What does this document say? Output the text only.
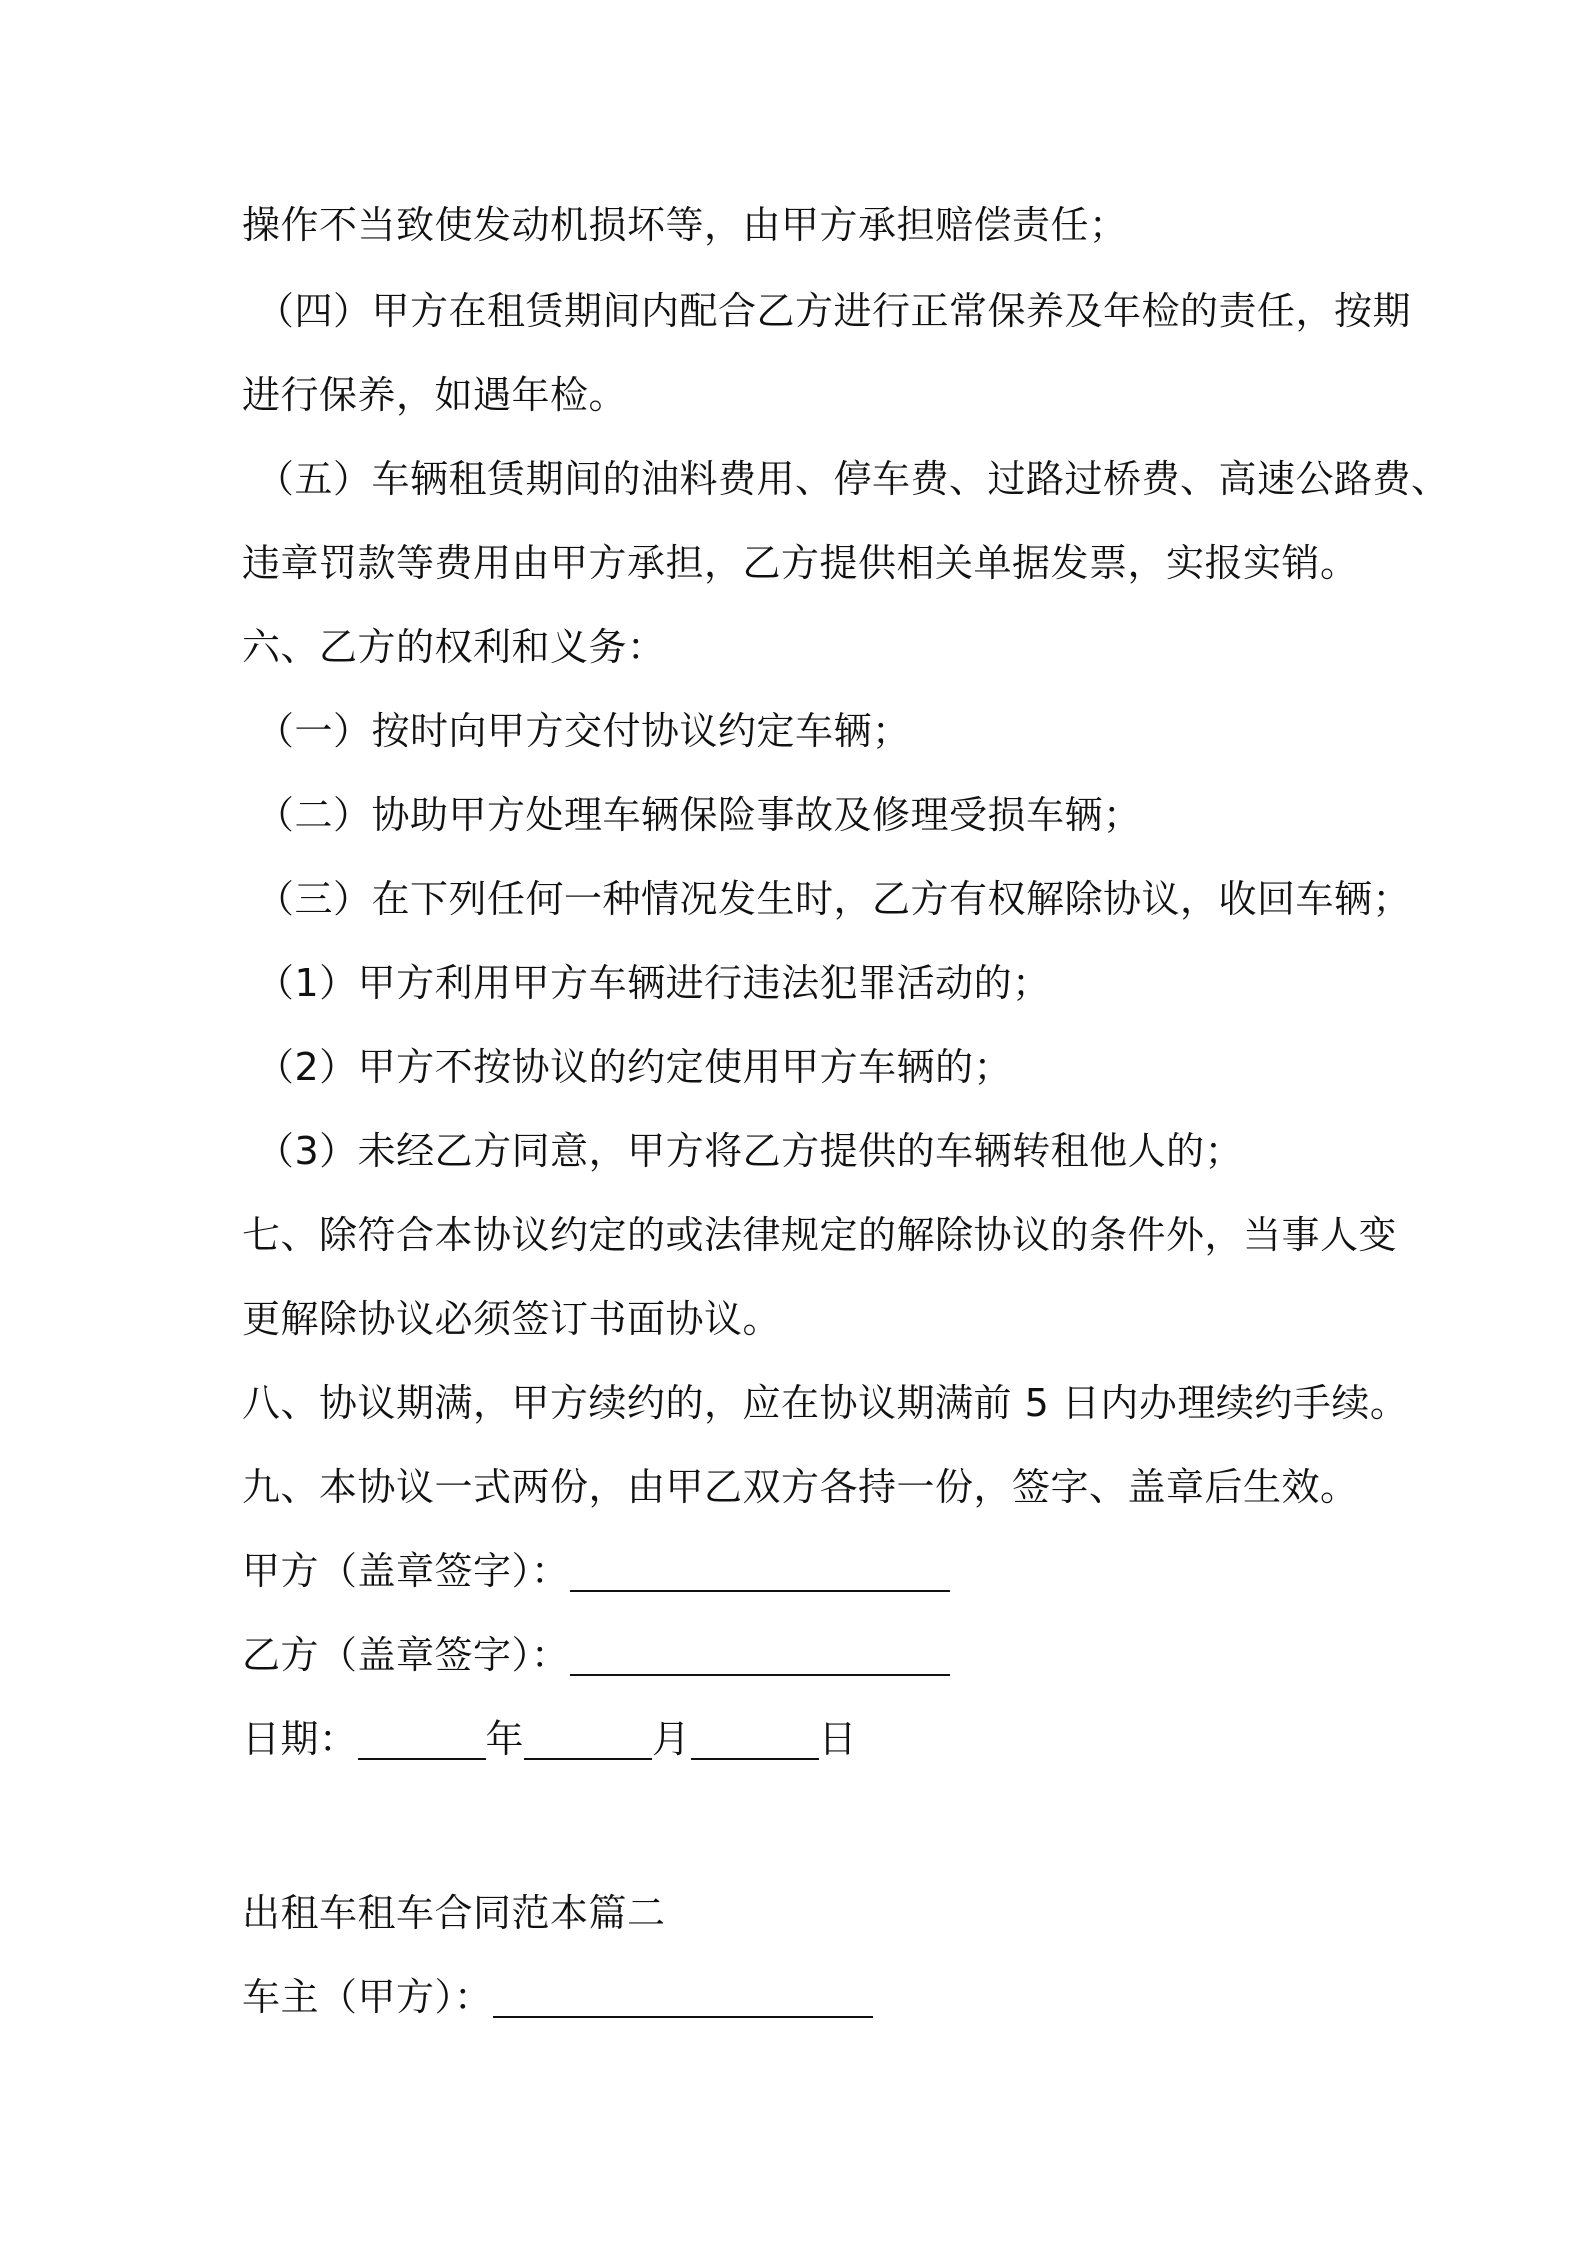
操作不当致使发动机损坏等，由甲方承担赔偿责任；
（四）甲方在租赁期间内配合乙方进行正常保养及年检的责任，按期
进行保养，如遇年检。
（五）车辆租赁期间的油料费用、停车费、过路过桥费、高速公路费、
违章罚款等费用由甲方承担，乙方提供相关单据发票，实报实销。
六、乙方的权利和义务：
（一）按时向甲方交付协议约定车辆；
（二）协助甲方处理车辆保险事故及修理受损车辆；
（三）在下列任何一种情况发生时，乙方有权解除协议，收回车辆；
（1）甲方利用甲方车辆进行违法犯罪活动的；
（2）甲方不按协议的约定使用甲方车辆的；
（3）未经乙方同意，甲方将乙方提供的车辆转租他人的；
七、除符合本协议约定的或法律规定的解除协议的条件外，当事人变
更解除协议必须签订书面协议。
八、协议期满，甲方续约的，应在协议期满前 5 日内办理续约手续。
九、本协议一式两份，由甲乙双方各持一份，签字、盖章后生效。
甲方（盖章签字）：
乙方（盖章签字）：
日期：	年	月	日
出租车租车合同范本篇二
车主（甲方）：
